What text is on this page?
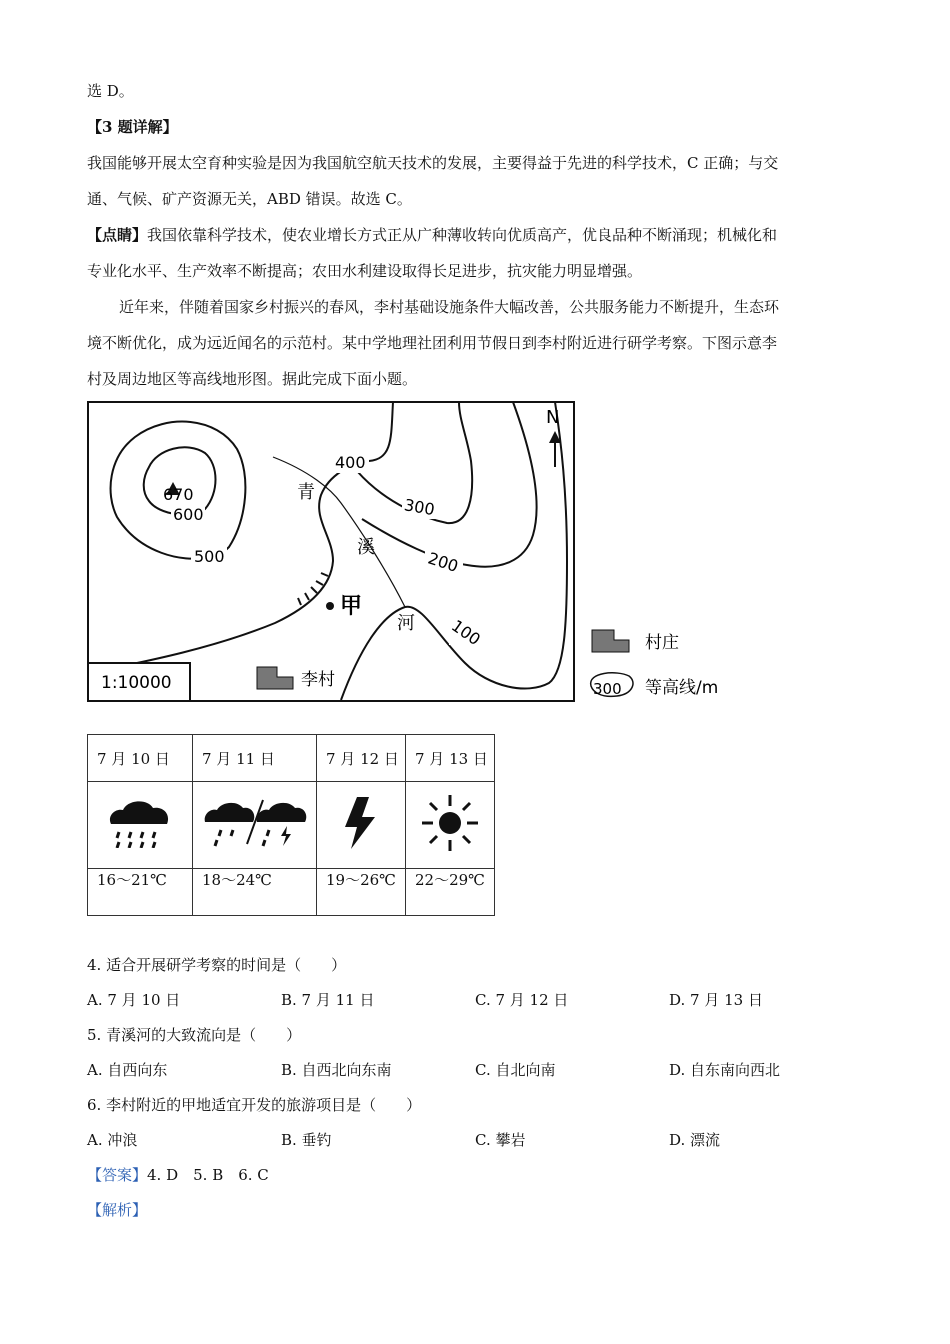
选 D。
【3 题详解】
我国能够开展太空育种实验是因为我国航空航天技术的发展，主要得益于先进的科学技术，C 正确；与交
通、气候、矿产资源无关，ABD 错误。故选 C。
【点睛】我国依靠科学技术，使农业增长方式正从广种薄收转向优质高产，优良品种不断涌现；机械化和
专业化水平、生产效率不断提高；农田水利建设取得长足进步，抗灾能力明显增强。
近年来，伴随着国家乡村振兴的春风，李村基础设施条件大幅改善，公共服务能力不断提升，生态环
境不断优化，成为远近闻名的示范村。某中学地理社团利用节假日到李村附近进行研学考察。下图示意李
村及周边地区等高线地形图。据此完成下面小题。
甲
670
600
500
400
300
200
100
青
溪
河
N
1:10000	李村
村庄
300 等高线/m
7 月 10 日	7 月 11 日	7 月 12 日	7 月 13 日

16～21℃	18～24℃	19～26℃	22～29℃
4. 适合开展研学考察的时间是（　　）
A. 7 月 10 日	B. 7 月 11 日	C. 7 月 12 日	D. 7 月 13 日
5. 青溪河的大致流向是（　　）
A. 自西向东	B. 自西北向东南	C. 自北向南	D. 自东南向西北
6. 李村附近的甲地适宜开发的旅游项目是（　　）
A. 冲浪	B. 垂钓	C. 攀岩	D. 漂流
【答案】4. D　5. B　6. C
【解析】
